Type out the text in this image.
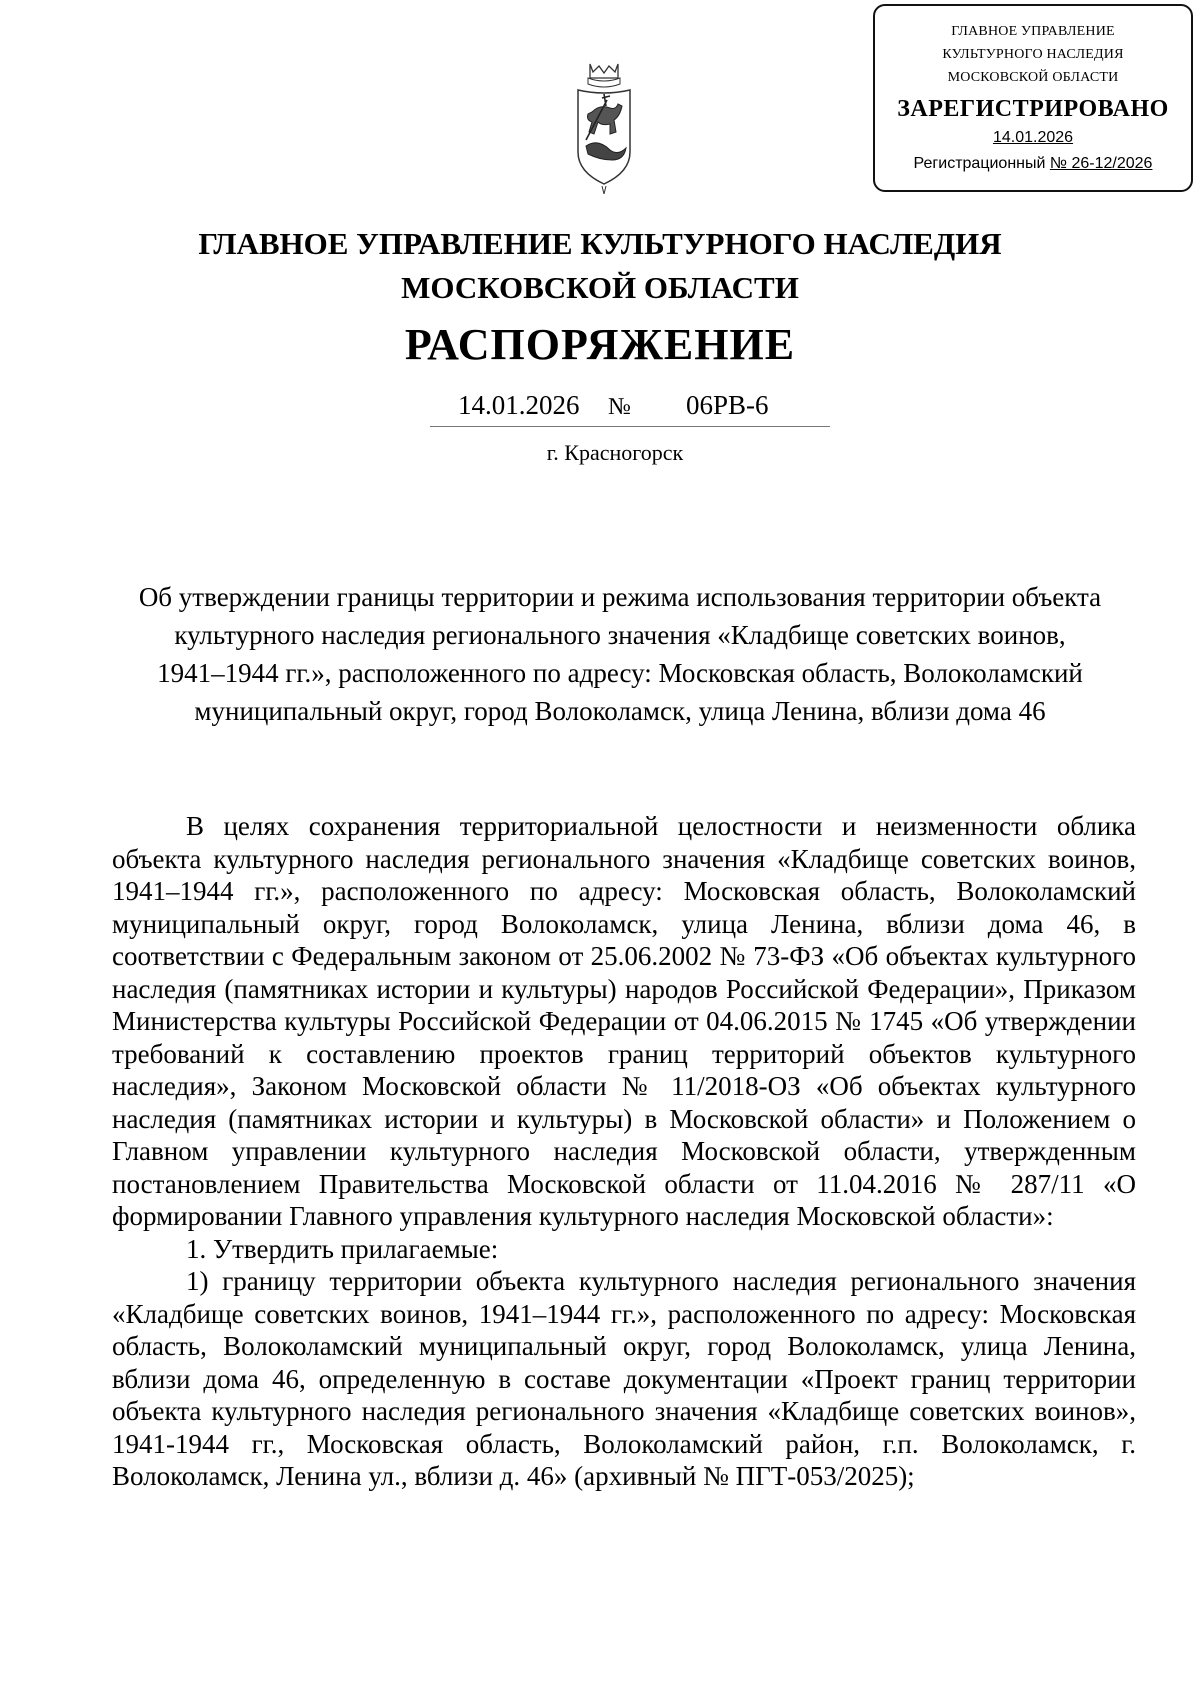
ГЛАВНОЕ УПРАВЛЕНИЕ
КУЛЬТУРНОГО НАСЛЕДИЯ
МОСКОВСКОЙ ОБЛАСТИ
ЗАРЕГИСТРИРОВАНО
14.01.2026
Регистрационный № 26-12/2026
ГЛАВНОЕ УПРАВЛЕНИЕ КУЛЬТУРНОГО НАСЛЕДИЯ
МОСКОВСКОЙ ОБЛАСТИ
РАСПОРЯЖЕНИЕ
14.01.2026 № 06РВ-6
г. Красногорск
Об утверждении границы территории и режима использования территории объекта
культурного наследия регионального значения «Кладбище советских воинов,
1941–1944 гг.», расположенного по адресу: Московская область, Волоколамский
муниципальный округ, город Волоколамск, улица Ленина, вблизи дома 46

В целях сохранения территориальной целостности и неизменности облика объекта культурного наследия регионального значения «Кладбище советских воинов, 1941–1944 гг.», расположенного по адресу: Московская область, Волоколамский муниципальный округ, город Волоколамск, улица Ленина, вблизи дома 46, в соответствии с Федеральным законом от 25.06.2002 № 73-ФЗ «Об объектах культурного наследия (памятниках истории и культуры) народов Российской Федерации», Приказом Министерства культуры Российской Федерации от 04.06.2015 № 1745 «Об утверждении требований к составлению проектов границ территорий объектов культурного наследия», Законом Московской области № 11/2018-ОЗ «Об объектах культурного наследия (памятниках истории и культуры) в Московской области» и Положением о Главном управлении культурного наследия Московской области, утвержденным постановлением Правительства Московской области от 11.04.2016 № 287/11 «О формировании Главного управления культурного наследия Московской области»:

1. Утвердить прилагаемые:

1) границу территории объекта культурного наследия регионального значения «Кладбище советских воинов, 1941–1944 гг.», расположенного по адресу: Московская область, Волоколамский муниципальный округ, город Волоколамск, улица Ленина, вблизи дома 46, определенную в составе документации «Проект границ территории объекта культурного наследия регионального значения «Кладбище советских воинов», 1941-1944 гг., Московская область, Волоколамский район, г.п. Волоколамск, г. Волоколамск, Ленина ул., вблизи д. 46» (архивный № ПГТ-053/2025);
